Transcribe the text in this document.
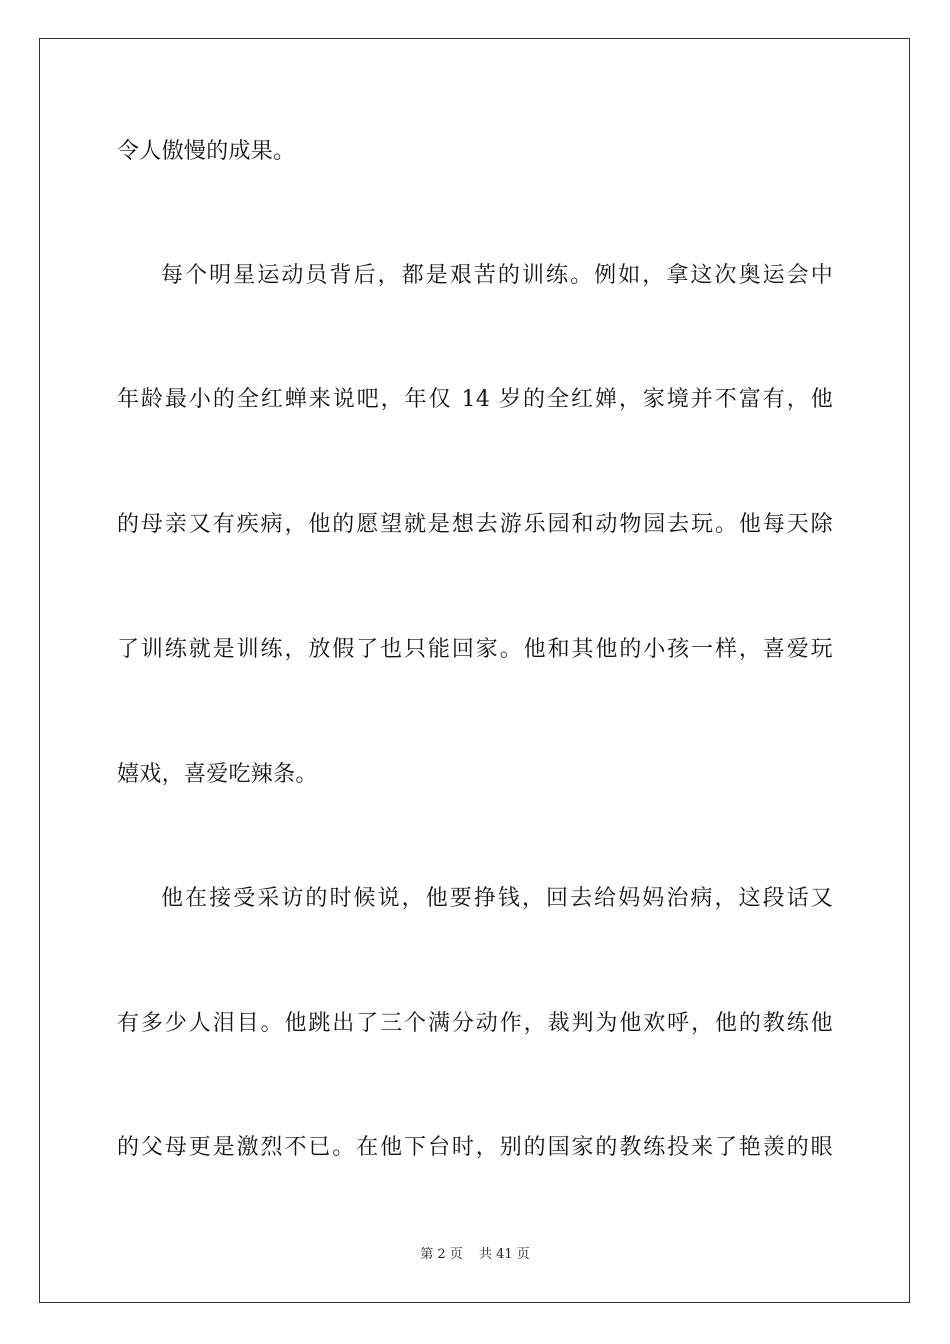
令人傲慢的成果。
每个明星运动员背后，都是艰苦的训练。例如，拿这次奥运会中
年龄最小的全红蝉来说吧，年仅 14 岁的全红婵，家境并不富有，他
的母亲又有疾病，他的愿望就是想去游乐园和动物园去玩。他每天除
了训练就是训练，放假了也只能回家。他和其他的小孩一样，喜爱玩
嬉戏，喜爱吃辣条。
他在接受采访的时候说，他要挣钱，回去给妈妈治病，这段话又
有多少人泪目。他跳出了三个满分动作，裁判为他欢呼，他的教练他
的父母更是激烈不已。在他下台时，别的国家的教练投来了艳羡的眼
第 2 页 共 41 页
